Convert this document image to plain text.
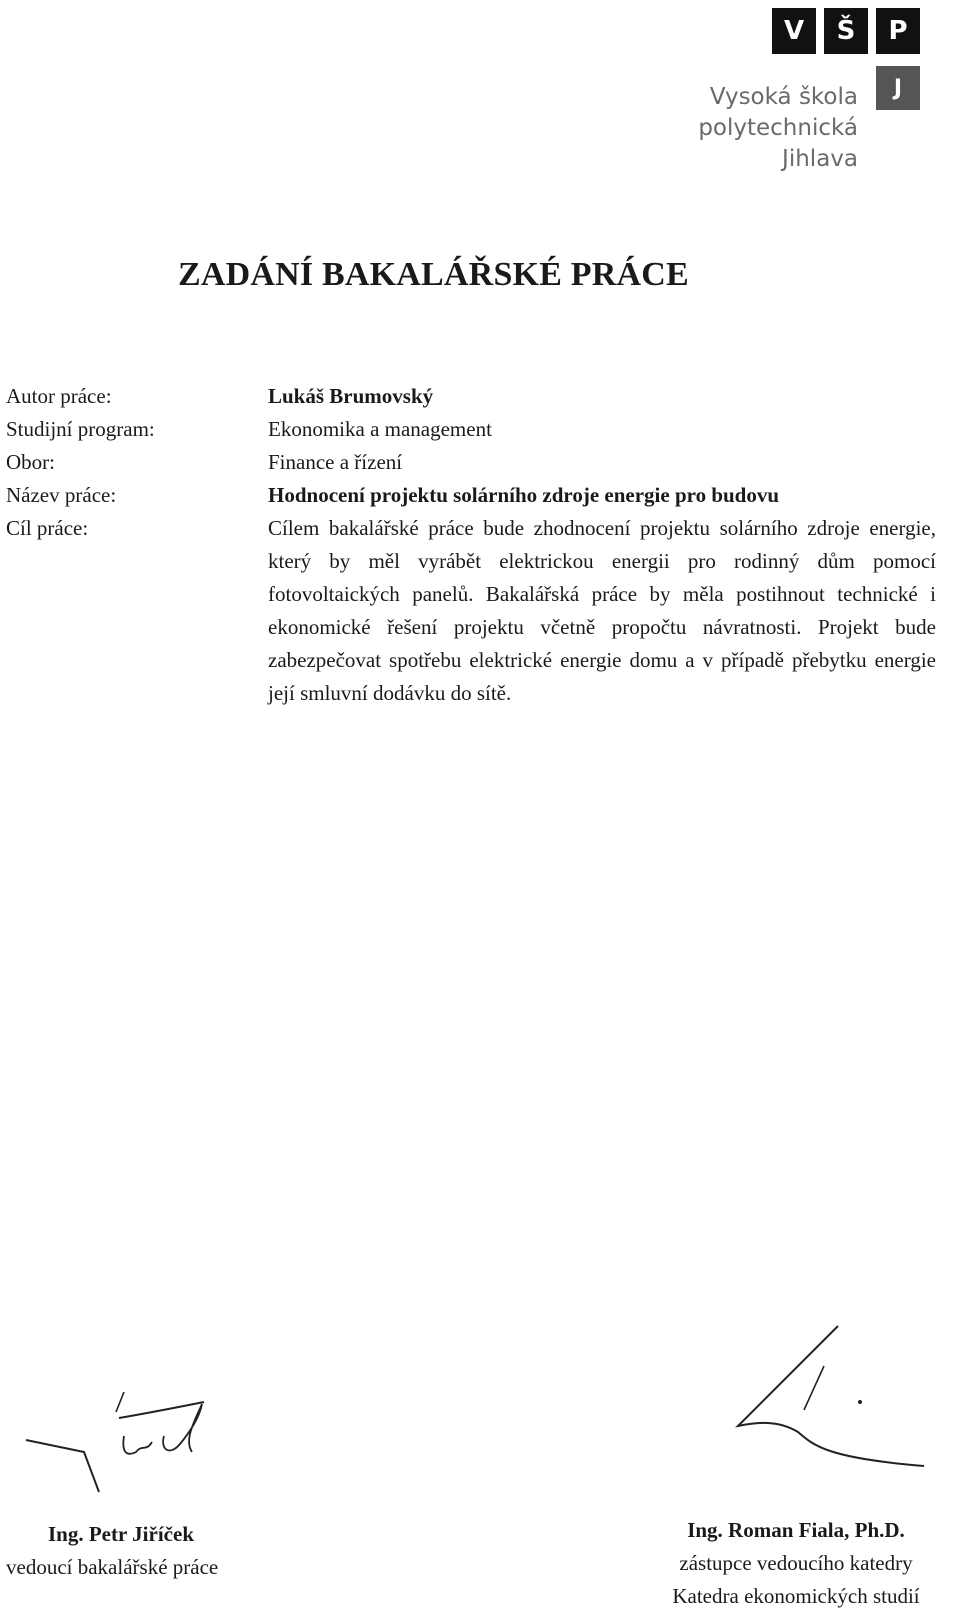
V	Š	P
J
Vysoká škola
polytechnická
Jihlava
ZADÁNÍ BAKALÁŘSKÉ PRÁCE
Autor práce:
Studijní program:
Obor:
Název práce:
Cíl práce:
Lukáš Brumovský
Ekonomika a management
Finance a řízení
Hodnocení projektu solárního zdroje energie pro budovu
Cílem bakalářské práce bude zhodnocení projektu solárního zdroje energie, který by měl vyrábět elektrickou energii pro rodinný dům pomocí fotovoltaických panelů. Bakalářská práce by měla postihnout technické i ekonomické řešení projektu včetně propočtu návratnosti. Projekt bude zabezpečovat spotřebu elektrické energie domu a v případě přebytku energie její smluvní dodávku do sítě.
Ing. Petr Jiříček
vedoucí bakalářské práce
Ing. Roman Fiala, Ph.D.
zástupce vedoucího katedry
Katedra ekonomických studií
